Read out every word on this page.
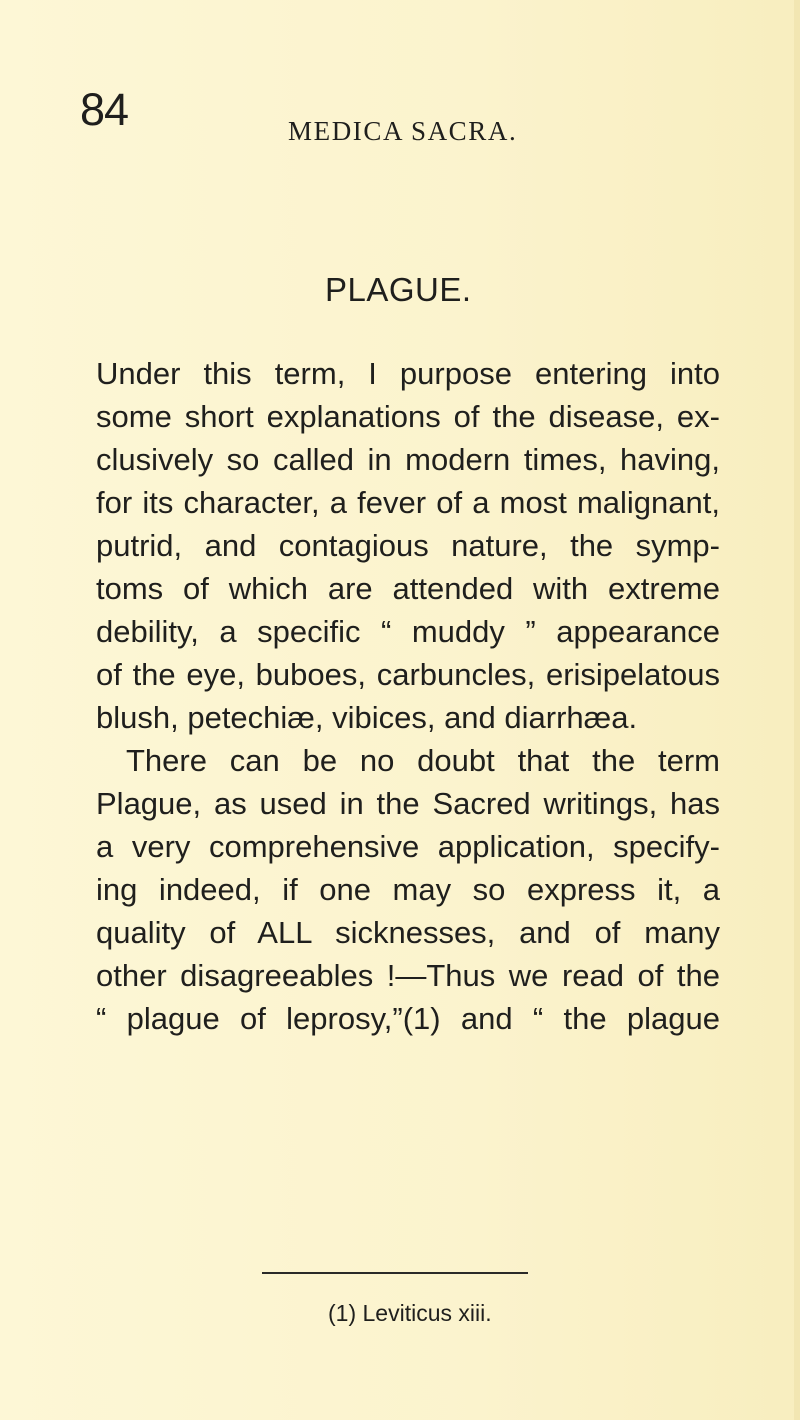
84	MEDICA SACRA.
PLAGUE.
Under this term, I purpose entering into
some short explanations of the disease, ex-
clusively so called in modern times, having,
for its character, a fever of a most malignant,
putrid, and contagious nature, the symp-
toms of which are attended with extreme
debility, a specific “ muddy ” appearance
of the eye, buboes, carbuncles, erisipelatous
blush, petechiæ, vibices, and diarrhæa.
There can be no doubt that the term
Plague, as used in the Sacred writings, has
a very comprehensive application, specify-
ing indeed, if one may so express it, a
quality of ALL sicknesses, and of many
other disagreeables !—Thus we read of the
“ plague of leprosy,”(1) and “ the plague
(1) Leviticus xiii.
